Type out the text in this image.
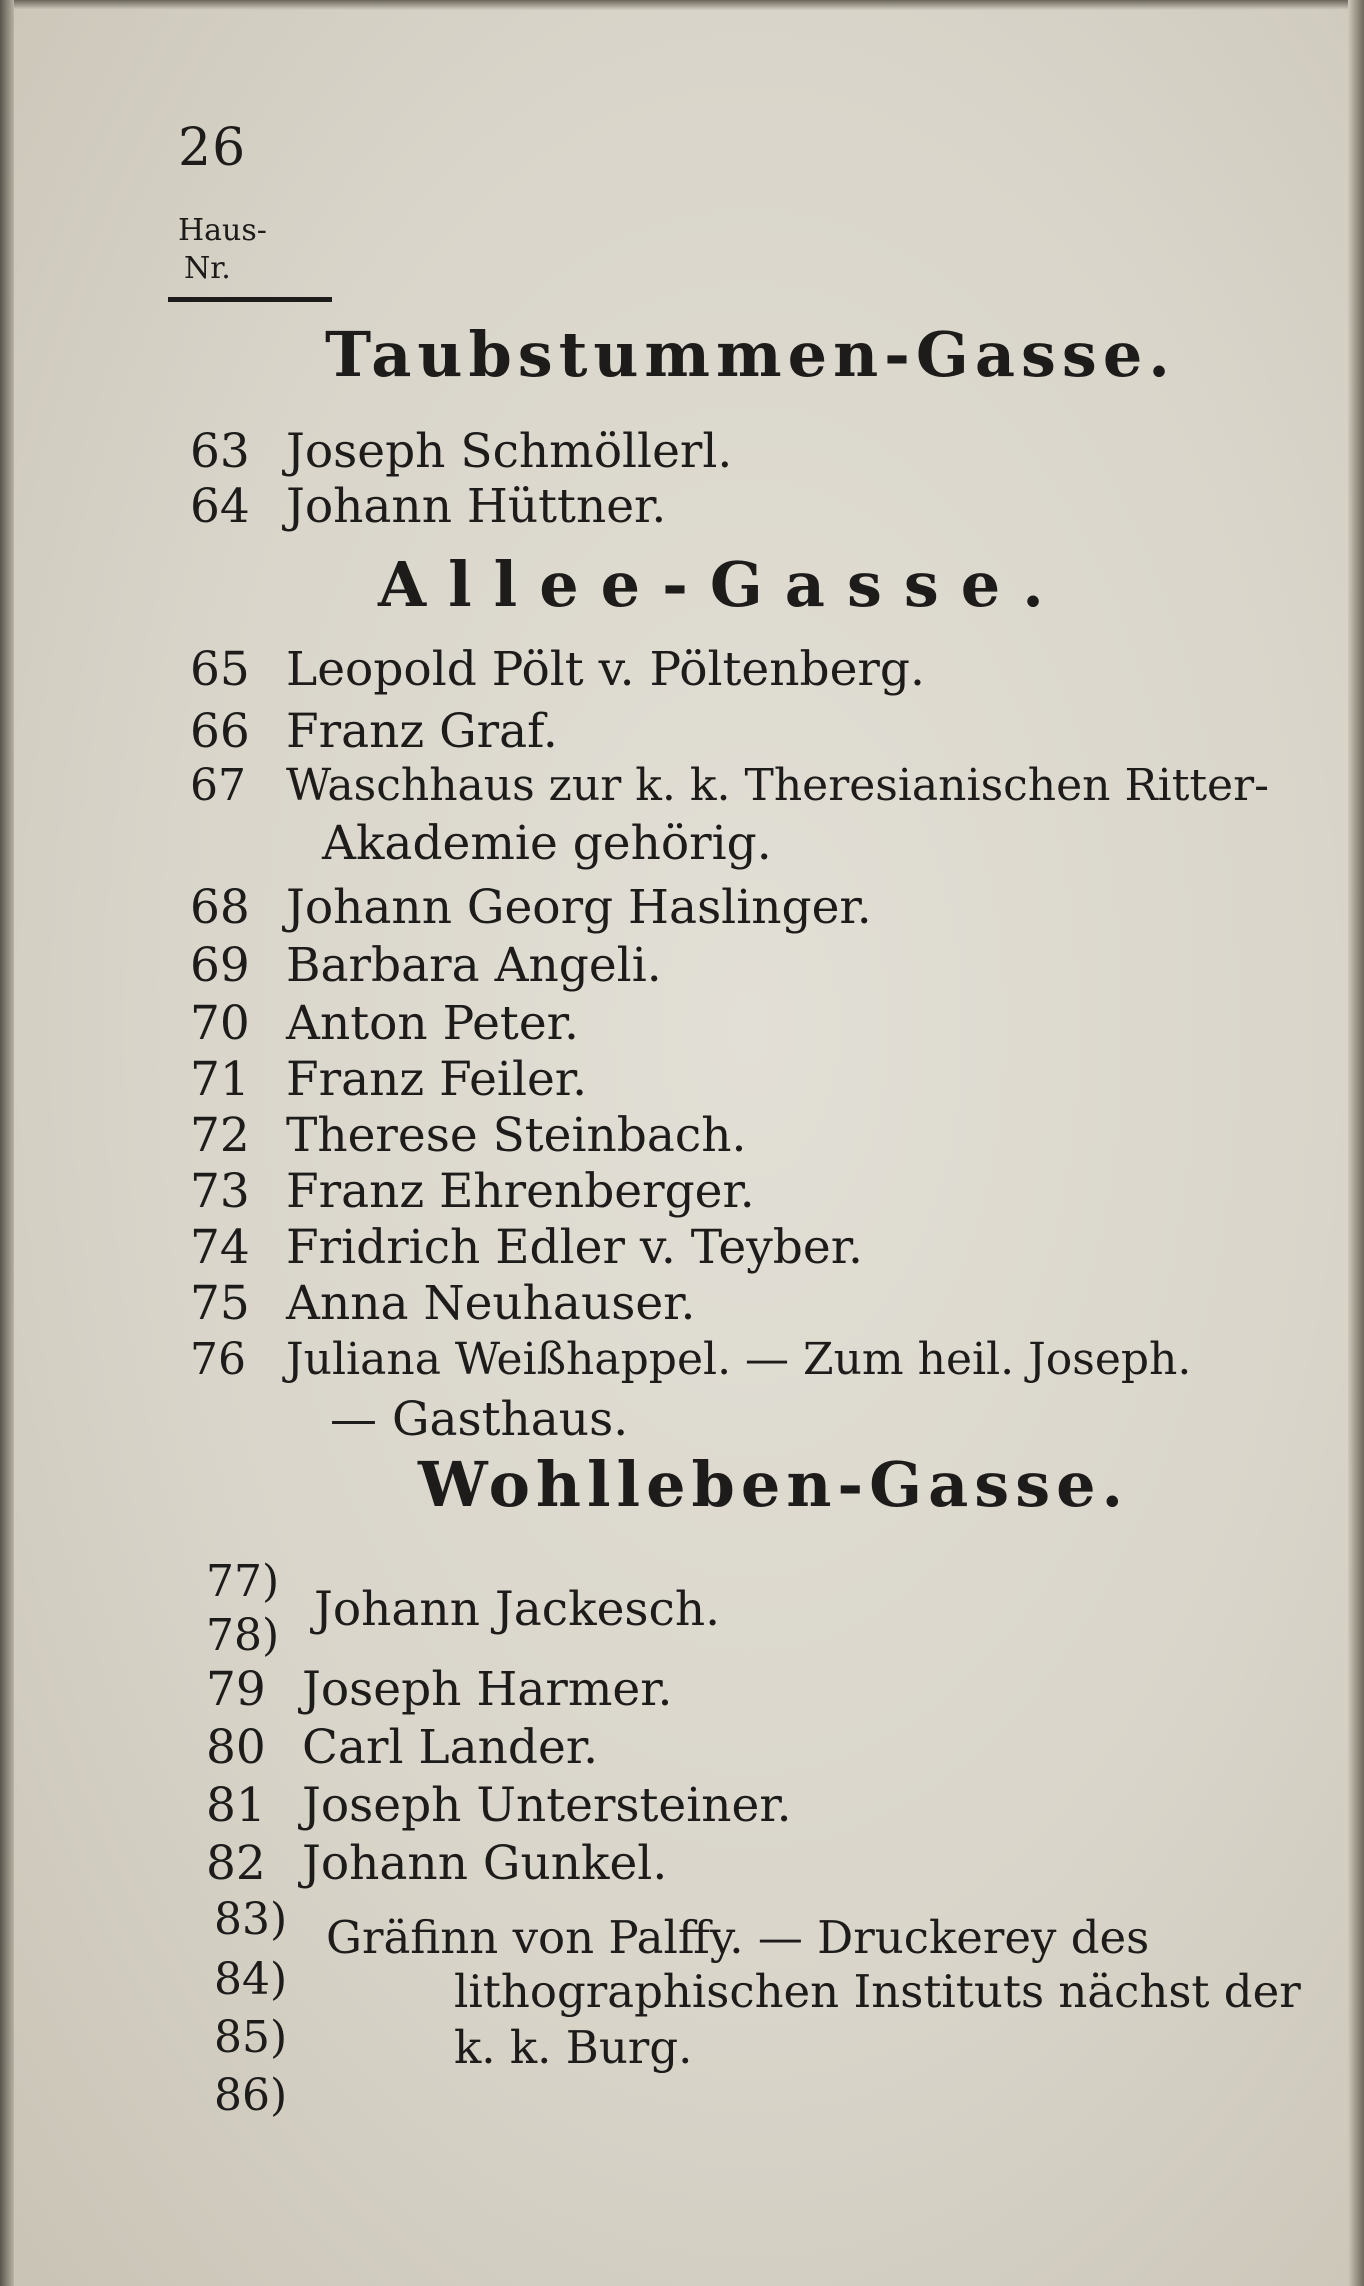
26
Haus-
Nr.
Taubstummen-Gasse.
63 Joseph Schmöllerl.
64 Johann Hüttner.
Allee-Gasse.
65 Leopold Pölt v. Pöltenberg.
66 Franz Graf.
67 Waschhaus zur k. k. Theresianischen Ritter-
Akademie gehörig.
68 Johann Georg Haslinger.
69 Barbara Angeli.
70 Anton Peter.
71 Franz Feiler.
72 Therese Steinbach.
73 Franz Ehrenberger.
74 Fridrich Edler v. Teyber.
75 Anna Neuhauser.
76 Juliana Weißhappel. — Zum heil. Joseph.
— Gasthaus.
Wohlleben-Gasse.
77)
78) Johann Jackesch.
79 Joseph Harmer.
80 Carl Lander.
81 Joseph Untersteiner.
82 Johann Gunkel.
83)
84)
85)
86)
Gräfinn von Palffy. — Druckerey des
lithographischen Instituts nächst der
k. k. Burg.
